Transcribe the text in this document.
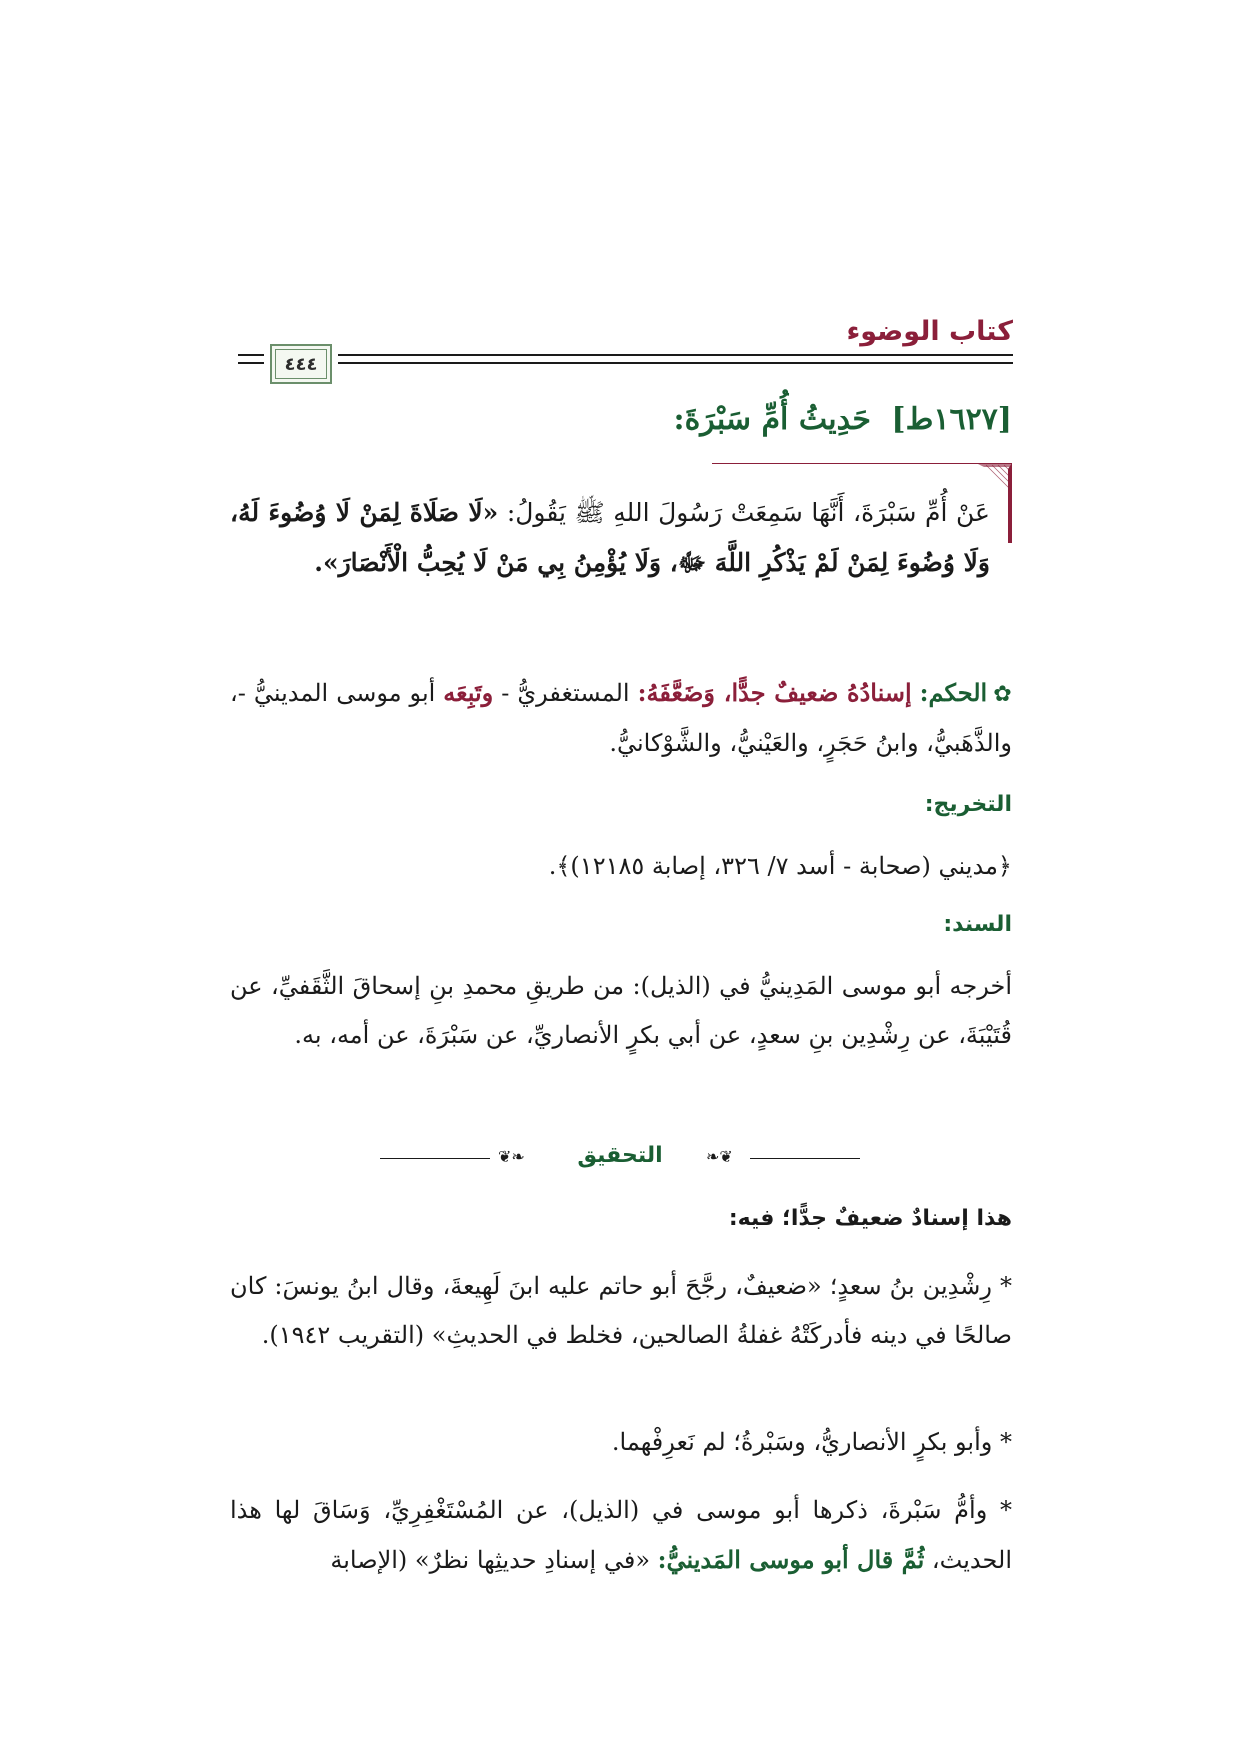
كتاب الوضوء
٤٤٤
[١٦٢٧ط] حَدِيثُ أُمِّ سَبْرَةَ:
عَنْ أُمِّ سَبْرَةَ، أَنَّهَا سَمِعَتْ رَسُولَ اللهِ ﷺ يَقُولُ: «لَا صَلَاةَ لِمَنْ لَا وُضُوءَ لَهُ، وَلَا وُضُوءَ لِمَنْ لَمْ يَذْكُرِ اللَّهَ ﷻ، وَلَا يُؤْمِنُ بِي مَنْ لَا يُحِبُّ الْأَنْصَارَ».
✿الحكم: إسنادُهُ ضعيفٌ جدًّا، وَضَعَّفَهُ: المستغفريُّ - وتَبِعَه أبو موسى المدينيُّ -، والذَّهَبيُّ، وابنُ حَجَرٍ، والعَيْنيُّ، والشَّوْكانيُّ.
التخريج:
﴿مديني (صحابة - أسد ٧/ ٣٢٦، إصابة ١٢١٨٥)﴾.
السند:
أخرجه أبو موسى المَدِينيُّ في (الذيل): من طريقِ محمدِ بنِ إسحاقَ الثَّقَفيِّ، عن قُتَيْبَةَ، عن رِشْدِين بنِ سعدٍ، عن أبي بكرٍ الأنصاريِّ، عن سَبْرَةَ، عن أمه، به.
❧❦	التحقيق	❦❧
هذا إسنادٌ ضعيفٌ جدًّا؛ فيه:
* رِشْدِين بنُ سعدٍ؛ «ضعيفٌ، رجَّحَ أبو حاتم عليه ابنَ لَهِيعةَ، وقال ابنُ يونسَ: كان صالحًا في دينه فأدركَتْهُ غفلةُ الصالحين، فخلط في الحديثِ» (التقريب ١٩٤٢).
* وأبو بكرٍ الأنصاريُّ، وسَبْرةُ؛ لم نَعرِفْهما.
* وأمُّ سَبْرةَ، ذكرها أبو موسى في (الذيل)، عن المُسْتَغْفِرِيِّ، وَسَاقَ لها هذا الحديث، ثُمَّ قال أبو موسى المَدينيُّ: «في إسنادِ حديثِها نظرٌ» (الإصابة
